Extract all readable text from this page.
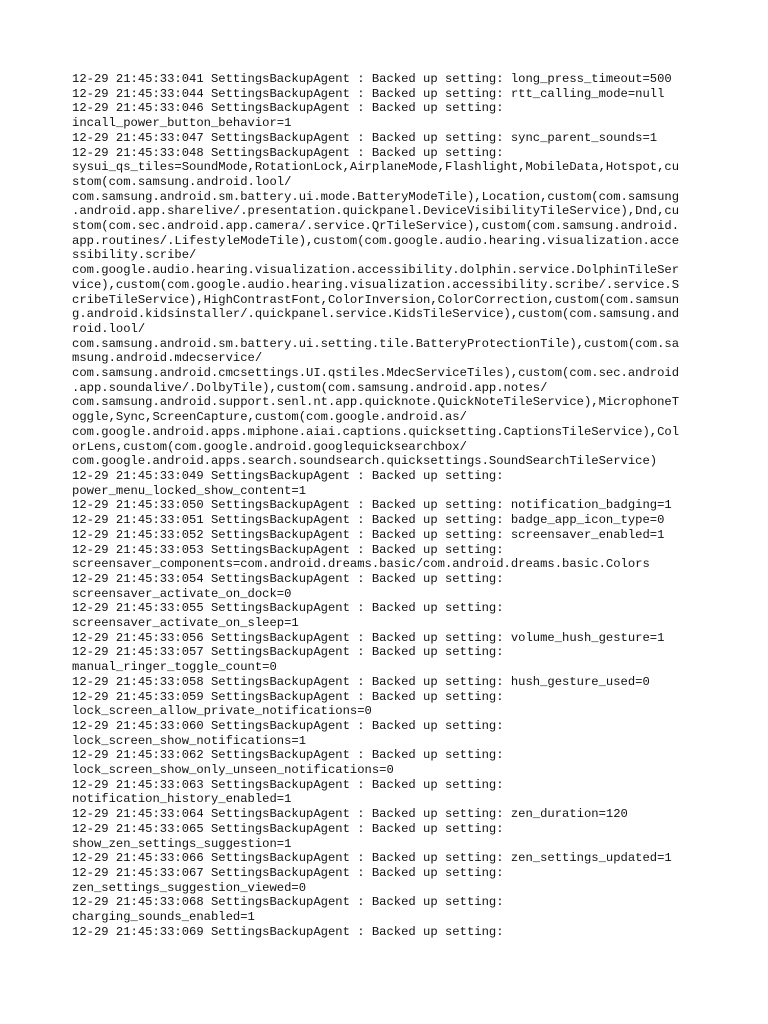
12-29 21:45:33:041 SettingsBackupAgent : Backed up setting: long_press_timeout=500

12-29 21:45:33:044 SettingsBackupAgent : Backed up setting: rtt_calling_mode=null

12-29 21:45:33:046 SettingsBackupAgent : Backed up setting:

incall_power_button_behavior=1

12-29 21:45:33:047 SettingsBackupAgent : Backed up setting: sync_parent_sounds=1

12-29 21:45:33:048 SettingsBackupAgent : Backed up setting:

sysui_qs_tiles=SoundMode,RotationLock,AirplaneMode,Flashlight,MobileData,Hotspot,cu

stom(com.samsung.android.lool/

com.samsung.android.sm.battery.ui.mode.BatteryModeTile),Location,custom(com.samsung

.android.app.sharelive/.presentation.quickpanel.DeviceVisibilityTileService),Dnd,cu

stom(com.sec.android.app.camera/.service.QrTileService),custom(com.samsung.android.

app.routines/.LifestyleModeTile),custom(com.google.audio.hearing.visualization.acce

ssibility.scribe/

com.google.audio.hearing.visualization.accessibility.dolphin.service.DolphinTileSer

vice),custom(com.google.audio.hearing.visualization.accessibility.scribe/.service.S

cribeTileService),HighContrastFont,ColorInversion,ColorCorrection,custom(com.samsun

g.android.kidsinstaller/.quickpanel.service.KidsTileService),custom(com.samsung.and

roid.lool/

com.samsung.android.sm.battery.ui.setting.tile.BatteryProtectionTile),custom(com.sa

msung.android.mdecservice/

com.samsung.android.cmcsettings.UI.qstiles.MdecServiceTiles),custom(com.sec.android

.app.soundalive/.DolbyTile),custom(com.samsung.android.app.notes/

com.samsung.android.support.senl.nt.app.quicknote.QuickNoteTileService),MicrophoneT

oggle,Sync,ScreenCapture,custom(com.google.android.as/

com.google.android.apps.miphone.aiai.captions.quicksetting.CaptionsTileService),Col

orLens,custom(com.google.android.googlequicksearchbox/

com.google.android.apps.search.soundsearch.quicksettings.SoundSearchTileService)

12-29 21:45:33:049 SettingsBackupAgent : Backed up setting:

power_menu_locked_show_content=1

12-29 21:45:33:050 SettingsBackupAgent : Backed up setting: notification_badging=1

12-29 21:45:33:051 SettingsBackupAgent : Backed up setting: badge_app_icon_type=0

12-29 21:45:33:052 SettingsBackupAgent : Backed up setting: screensaver_enabled=1

12-29 21:45:33:053 SettingsBackupAgent : Backed up setting:

screensaver_components=com.android.dreams.basic/com.android.dreams.basic.Colors

12-29 21:45:33:054 SettingsBackupAgent : Backed up setting:

screensaver_activate_on_dock=0

12-29 21:45:33:055 SettingsBackupAgent : Backed up setting:

screensaver_activate_on_sleep=1

12-29 21:45:33:056 SettingsBackupAgent : Backed up setting: volume_hush_gesture=1

12-29 21:45:33:057 SettingsBackupAgent : Backed up setting:

manual_ringer_toggle_count=0

12-29 21:45:33:058 SettingsBackupAgent : Backed up setting: hush_gesture_used=0

12-29 21:45:33:059 SettingsBackupAgent : Backed up setting:

lock_screen_allow_private_notifications=0

12-29 21:45:33:060 SettingsBackupAgent : Backed up setting:

lock_screen_show_notifications=1

12-29 21:45:33:062 SettingsBackupAgent : Backed up setting:

lock_screen_show_only_unseen_notifications=0

12-29 21:45:33:063 SettingsBackupAgent : Backed up setting:

notification_history_enabled=1

12-29 21:45:33:064 SettingsBackupAgent : Backed up setting: zen_duration=120

12-29 21:45:33:065 SettingsBackupAgent : Backed up setting:

show_zen_settings_suggestion=1

12-29 21:45:33:066 SettingsBackupAgent : Backed up setting: zen_settings_updated=1

12-29 21:45:33:067 SettingsBackupAgent : Backed up setting:

zen_settings_suggestion_viewed=0

12-29 21:45:33:068 SettingsBackupAgent : Backed up setting:

charging_sounds_enabled=1

12-29 21:45:33:069 SettingsBackupAgent : Backed up setting:
